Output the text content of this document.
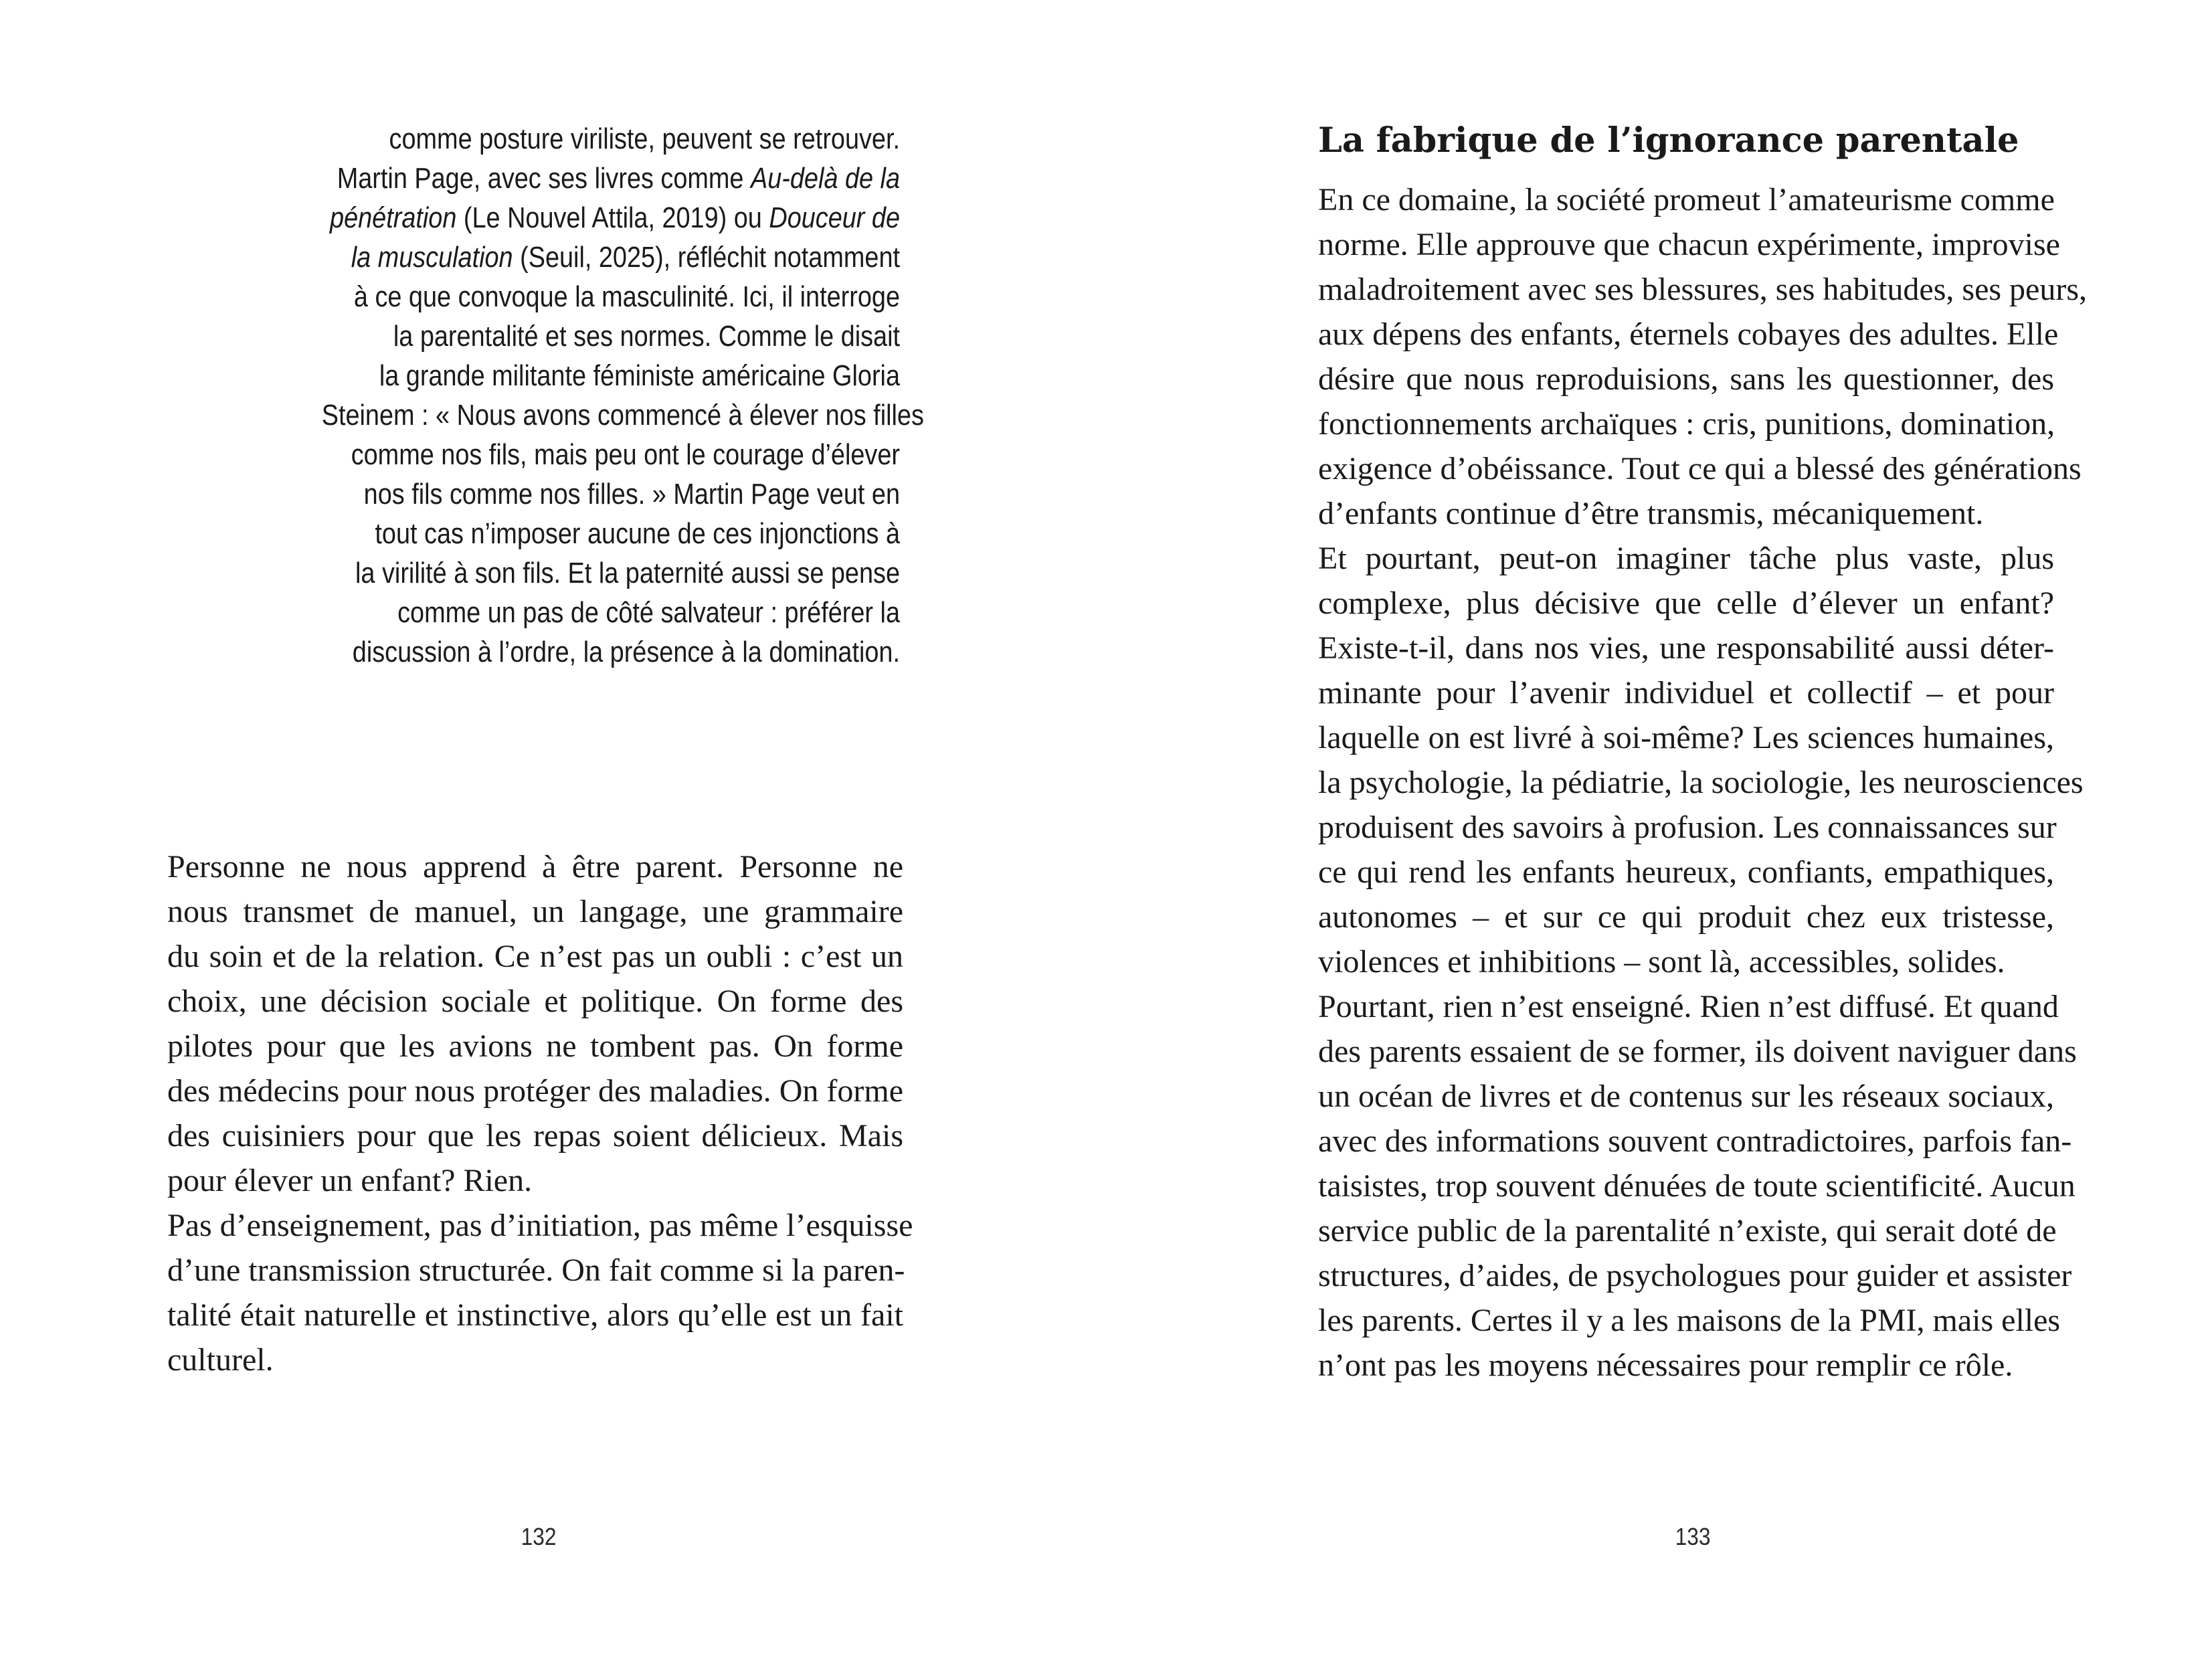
comme posture viriliste, peuvent se retrouver.
Martin Page, avec ses livres comme Au-delà de la
pénétration (Le Nouvel Attila, 2019) ou Douceur de
la musculation (Seuil, 2025), réfléchit notamment
à ce que convoque la masculinité. Ici, il interroge
la parentalité et ses normes. Comme le disait
la grande militante féministe américaine Gloria
Steinem : « Nous avons commencé à élever nos filles
comme nos fils, mais peu ont le courage d’élever
nos fils comme nos filles. » Martin Page veut en
tout cas n’imposer aucune de ces injonctions à
la virilité à son fils. Et la paternité aussi se pense
comme un pas de côté salvateur : préférer la
discussion à l’ordre, la présence à la domination.
Personne ne nous apprend à être parent. Personne ne
nous transmet de manuel, un langage, une grammaire
du soin et de la relation. Ce n’est pas un oubli : c’est un
choix, une décision sociale et politique. On forme des
pilotes pour que les avions ne tombent pas. On forme
des médecins pour nous protéger des maladies. On forme
des cuisiniers pour que les repas soient délicieux. Mais
pour élever un enfant? Rien.
Pas d’enseignement, pas d’initiation, pas même l’esquisse
d’une transmission structurée. On fait comme si la paren-
talité était naturelle et instinctive, alors qu’elle est un fait
culturel.
La fabrique de l’ignorance parentale
En ce domaine, la société promeut l’amateurisme comme
norme. Elle approuve que chacun expérimente, improvise
maladroitement avec ses blessures, ses habitudes, ses peurs,
aux dépens des enfants, éternels cobayes des adultes. Elle
désire que nous reproduisions, sans les questionner, des
fonctionnements archaïques : cris, punitions, domination,
exigence d’obéissance. Tout ce qui a blessé des générations
d’enfants continue d’être transmis, mécaniquement.
Et pourtant, peut-on imaginer tâche plus vaste, plus
complexe, plus décisive que celle d’élever un enfant?
Existe-t-il, dans nos vies, une responsabilité aussi déter-
minante pour l’avenir individuel et collectif – et pour
laquelle on est livré à soi-même? Les sciences humaines,
la psychologie, la pédiatrie, la sociologie, les neurosciences
produisent des savoirs à profusion. Les connaissances sur
ce qui rend les enfants heureux, confiants, empathiques,
autonomes – et sur ce qui produit chez eux tristesse,
violences et inhibitions – sont là, accessibles, solides.
Pourtant, rien n’est enseigné. Rien n’est diffusé. Et quand
des parents essaient de se former, ils doivent naviguer dans
un océan de livres et de contenus sur les réseaux sociaux,
avec des informations souvent contradictoires, parfois fan-
taisistes, trop souvent dénuées de toute scientificité. Aucun
service public de la parentalité n’existe, qui serait doté de
structures, d’aides, de psychologues pour guider et assister
les parents. Certes il y a les maisons de la PMI, mais elles
n’ont pas les moyens nécessaires pour remplir ce rôle.
132	133
